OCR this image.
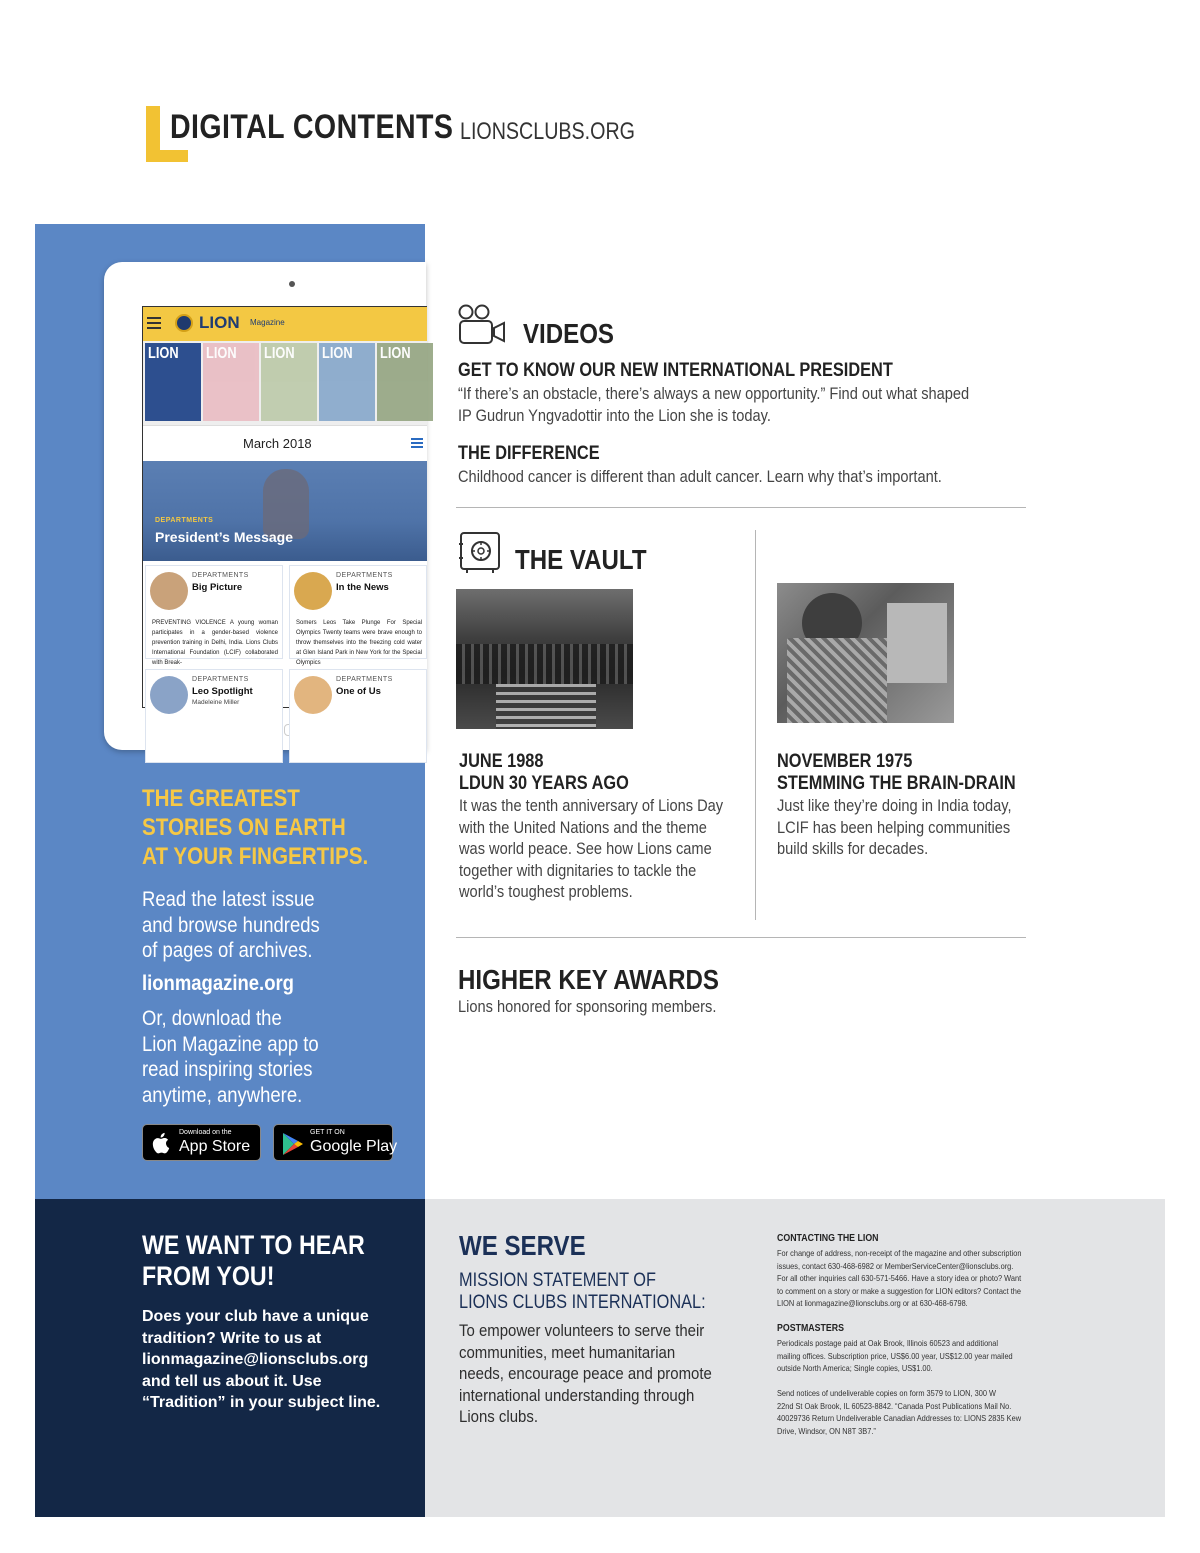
DIGITAL CONTENTS LIONSCLUBS.ORG
LION Magazine
LION LION LION LION LION
March 2018
DEPARTMENTS
President’s Message
DEPARTMENTS
Big Picture
PREVENTING VIOLENCE A young woman participates in a gender-based violence prevention training in Delhi, India. Lions Clubs International Foundation (LCIF) collaborated with Break-
DEPARTMENTS
In the News
Somers Leos Take Plunge For Special Olympics Twenty teams were brave enough to throw themselves into the freezing cold water at Glen Island Park in New York for the Special Olympics
DEPARTMENTS
Leo Spotlight
Madeleine Miller
DEPARTMENTS
One of Us
THE GREATEST
STORIES ON EARTH
AT YOUR FINGERTIPS.
Read the latest issue
and browse hundreds
of pages of archives.
lionmagazine.org
Or, download the
Lion Magazine app to
read inspiring stories
anytime, anywhere.
Download on the
App Store
GET IT ON
Google Play
WE WANT TO HEAR
FROM YOU!
Does your club have a unique
tradition? Write to us at
lionmagazine@lionsclubs.org
and tell us about it. Use
“Tradition” in your subject line.
WE SERVE
MISSION STATEMENT OF
LIONS CLUBS INTERNATIONAL:
To empower volunteers to serve their
communities, meet humanitarian
needs, encourage peace and promote
international understanding through
Lions clubs.
CONTACTING THE LION
For change of address, non-receipt of the magazine and other subscription
issues, contact 630-468-6982 or MemberServiceCenter@lionsclubs.org.
For all other inquiries call 630-571-5466. Have a story idea or photo? Want
to comment on a story or make a suggestion for LION editors? Contact the
LION at lionmagazine@lionsclubs.org or at 630-468-6798.
POSTMASTERS
Periodicals postage paid at Oak Brook, Illinois 60523 and additional
mailing offices. Subscription price, US$6.00 year, US$12.00 year mailed
outside North America; Single copies, US$1.00.
Send notices of undeliverable copies on form 3579 to LION, 300 W
22nd St Oak Brook, IL 60523-8842. “Canada Post Publications Mail No.
40029736 Return Undeliverable Canadian Addresses to: LIONS 2835 Kew
Drive, Windsor, ON N8T 3B7.”
VIDEOS
GET TO KNOW OUR NEW INTERNATIONAL PRESIDENT
“If there’s an obstacle, there’s always a new opportunity.” Find out what shaped
IP Gudrun Yngvadottir into the Lion she is today.
THE DIFFERENCE
Childhood cancer is different than adult cancer. Learn why that’s important.
THE VAULT
JUNE 1988
LDUN 30 YEARS AGO
It was the tenth anniversary of Lions Day
with the United Nations and the theme
was world peace. See how Lions came
together with dignitaries to tackle the
world’s toughest problems.
NOVEMBER 1975
STEMMING THE BRAIN-DRAIN
Just like they’re doing in India today,
LCIF has been helping communities
build skills for decades.
HIGHER KEY AWARDS
Lions honored for sponsoring members.
